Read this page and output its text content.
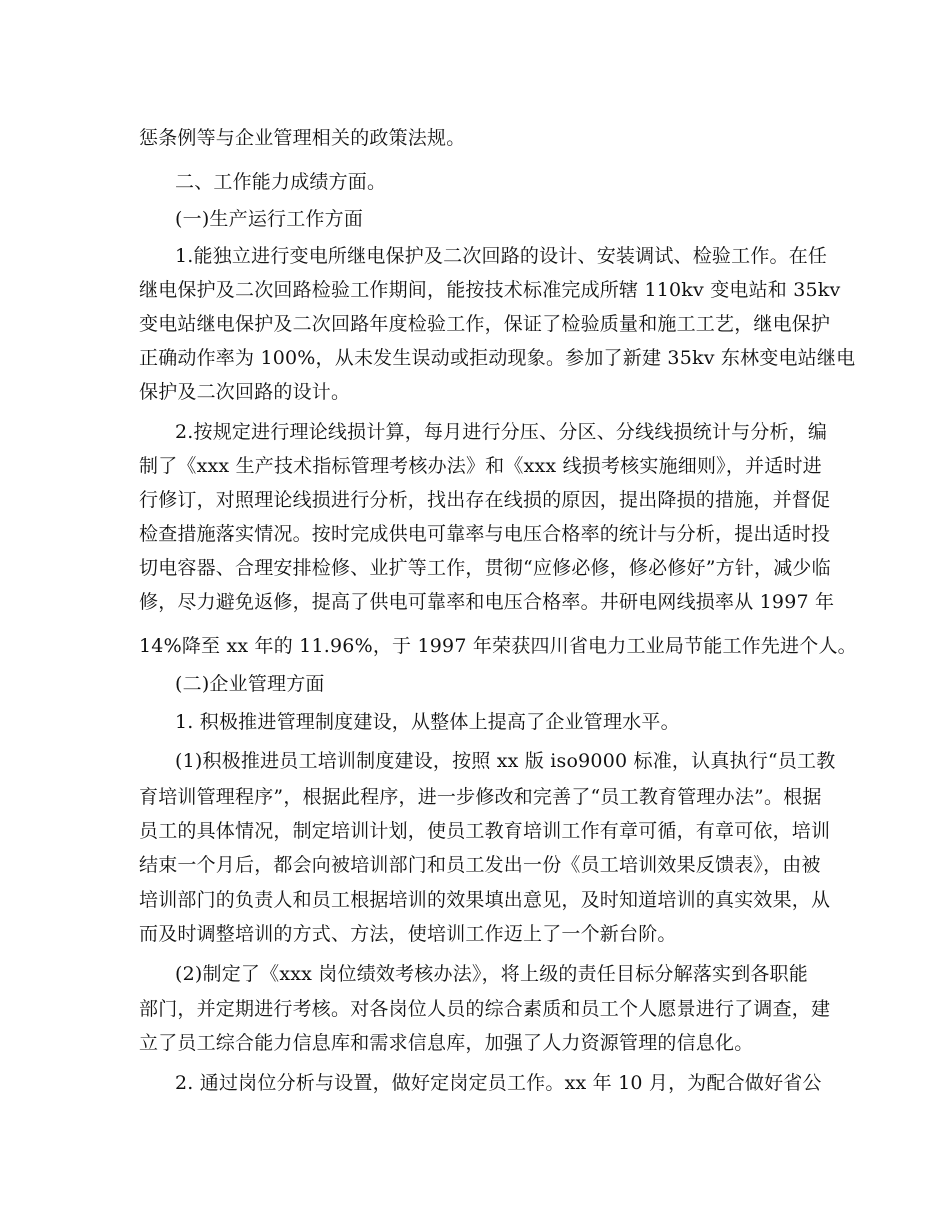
惩条例等与企业管理相关的政策法规。
二、工作能力成绩方面。
(一)生产运行工作方面
1.能独立进行变电所继电保护及二次回路的设计、安装调试、检验工作。在任
继电保护及二次回路检验工作期间，能按技术标准完成所辖 110kv 变电站和 35kv
变电站继电保护及二次回路年度检验工作，保证了检验质量和施工工艺，继电保护
正确动作率为 100%，从未发生误动或拒动现象。参加了新建 35kv 东林变电站继电
保护及二次回路的设计。
2.按规定进行理论线损计算，每月进行分压、分区、分线线损统计与分析，编
制了《xxx 生产技术指标管理考核办法》和《xxx 线损考核实施细则》，并适时进
行修订，对照理论线损进行分析，找出存在线损的原因，提出降损的措施，并督促
检查措施落实情况。按时完成供电可靠率与电压合格率的统计与分析，提出适时投
切电容器、合理安排检修、业扩等工作，贯彻“应修必修，修必修好”方针，减少临
修，尽力避免返修，提高了供电可靠率和电压合格率。井研电网线损率从 1997 年
14%降至 xx 年的 11.96%，于 1997 年荣获四川省电力工业局节能工作先进个人。
(二)企业管理方面
1. 积极推进管理制度建设，从整体上提高了企业管理水平。
(1)积极推进员工培训制度建设，按照 xx 版 iso9000 标准，认真执行“员工教
育培训管理程序”，根据此程序，进一步修改和完善了“员工教育管理办法”。根据
员工的具体情况，制定培训计划，使员工教育培训工作有章可循，有章可依，培训
结束一个月后，都会向被培训部门和员工发出一份《员工培训效果反馈表》，由被
培训部门的负责人和员工根据培训的效果填出意见，及时知道培训的真实效果，从
而及时调整培训的方式、方法，使培训工作迈上了一个新台阶。
(2)制定了《xxx 岗位绩效考核办法》，将上级的责任目标分解落实到各职能
部门，并定期进行考核。对各岗位人员的综合素质和员工个人愿景进行了调查，建
立了员工综合能力信息库和需求信息库，加强了人力资源管理的信息化。
2. 通过岗位分析与设置，做好定岗定员工作。xx 年 10 月，为配合做好省公
